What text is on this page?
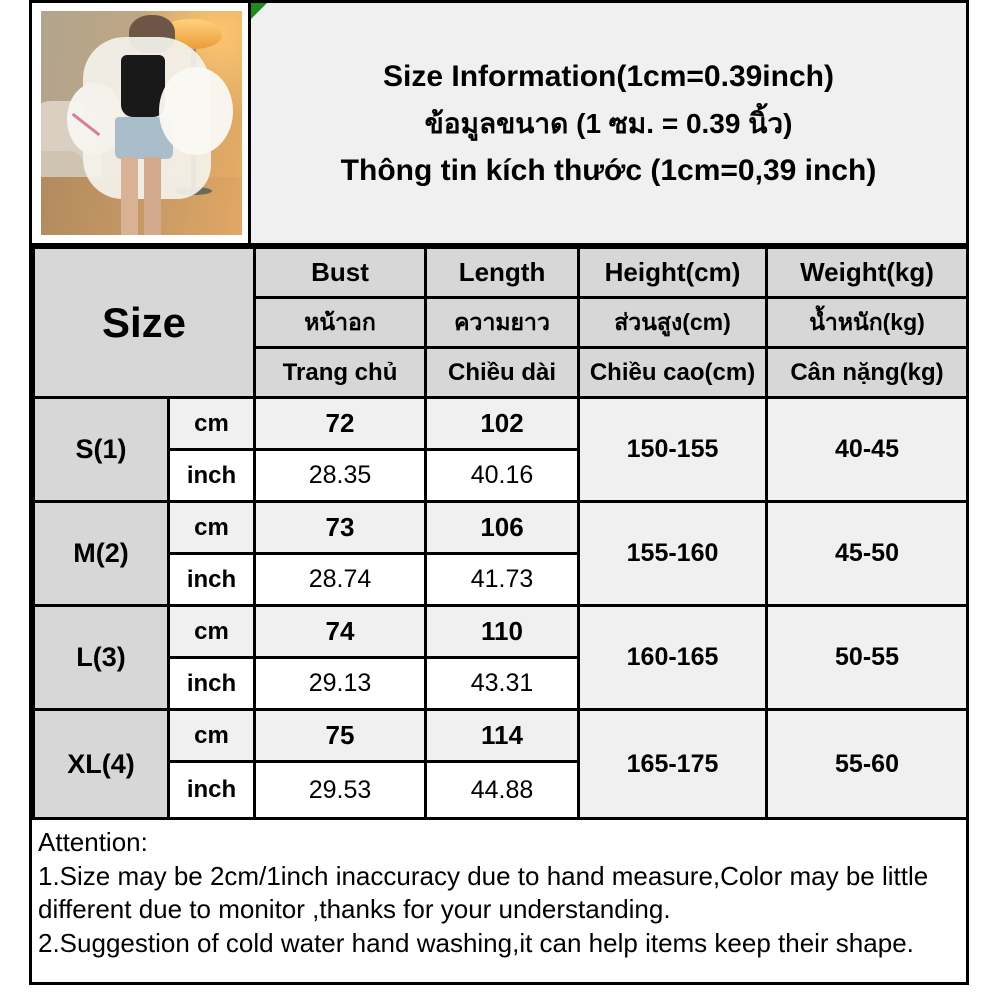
Size Information(1cm=0.39inch)
ข้อมูลขนาด (1 ซม. = 0.39 นิ้ว)
Thông tin kích thước (1cm=0,39 inch)
Size		Bust	Length	Height(cm)	Weight(kg)
		หน้าอก	ความยาว	ส่วนสูง(cm)	น้ำหนัก(kg)
		Trang chủ	Chiều dài	Chiều cao(cm)	Cân nặng(kg)
S(1)	cm	72	102	150-155	40-45
	inch	28.35	40.16		
M(2)	cm	73	106	155-160	45-50
	inch	28.74	41.73		
L(3)	cm	74	110	160-165	50-55
	inch	29.13	43.31		
XL(4)	cm	75	114	165-175	55-60
	inch	29.53	44.88		
Attention:
1.Size may be 2cm/1inch inaccuracy due to hand measure,Color may be little
different due to monitor ,thanks for your understanding.
2.Suggestion of cold water hand washing,it can help items keep their shape.
